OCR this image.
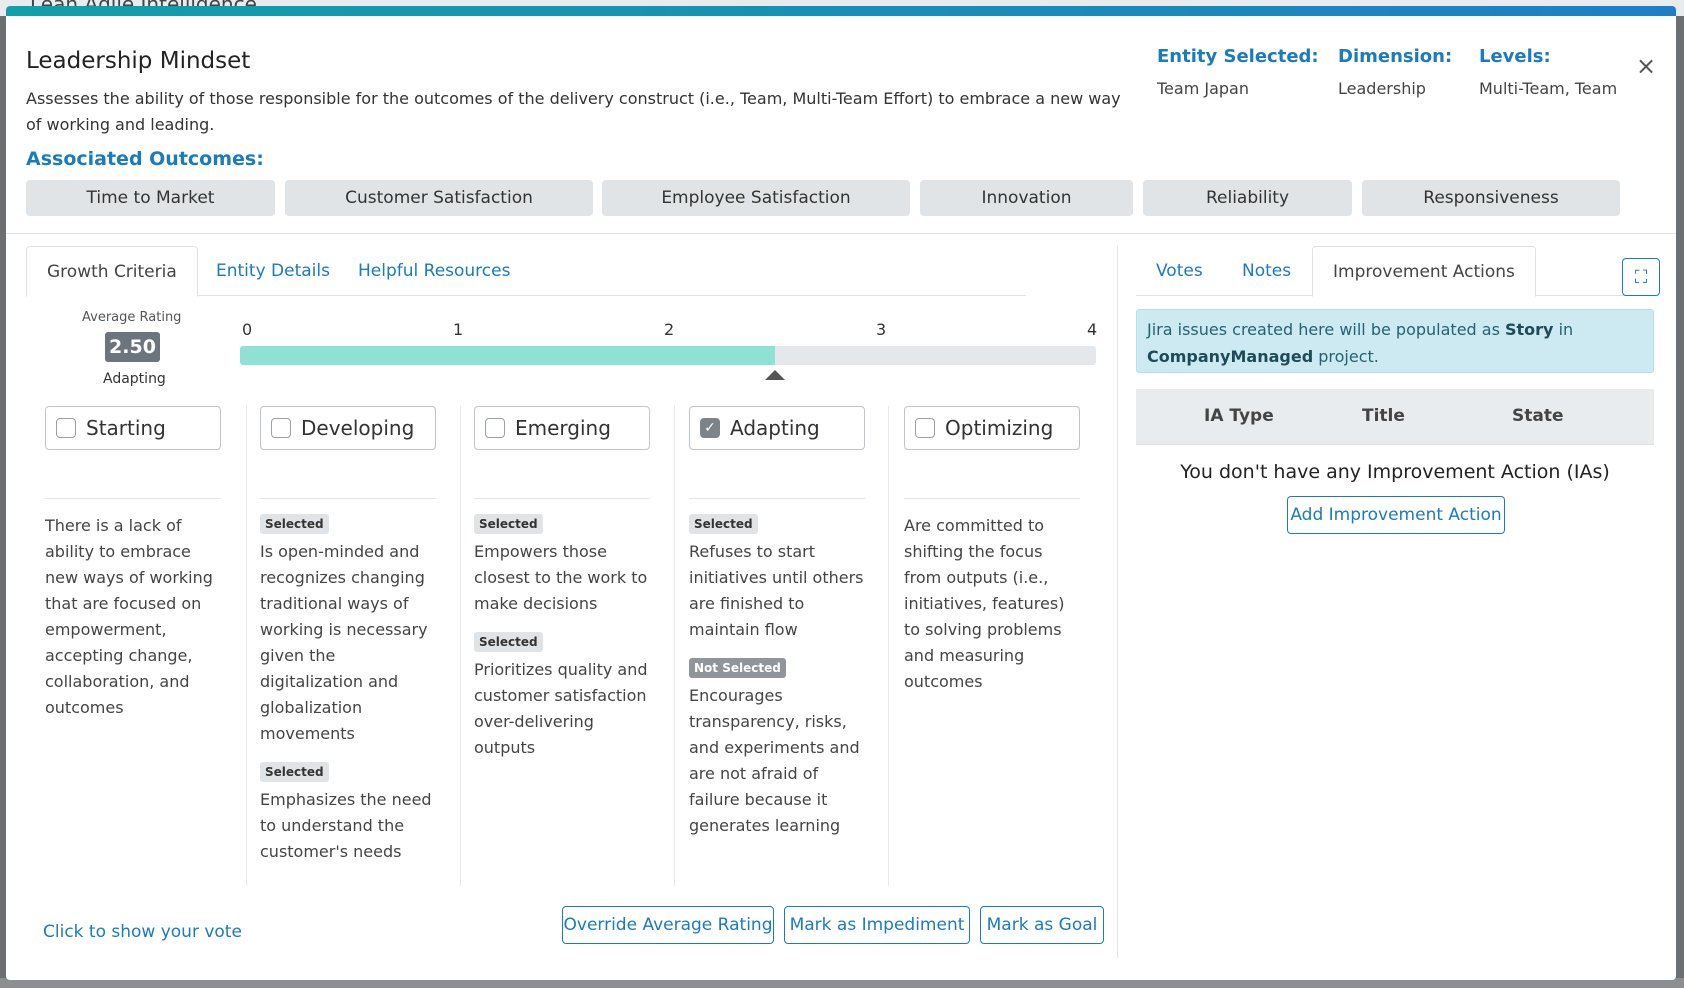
Leadership Mindset
Assesses the ability of those responsible for the outcomes of the delivery construct (i.e., Team, Multi-Team Effort) to embrace a new way of working and leading.
Entity Selected:
Team Japan
Dimension:
Leadership
Levels:
Multi-Team, Team
×
Associated Outcomes:
Time to Market	Customer Satisfaction	Employee Satisfaction	Innovation	Reliability	Responsiveness
Growth Criteria	Entity Details	Helpful Resources
Average Rating
2.50
Adapting
0	1	2	3	4
Starting
There is a lack of ability to embrace new ways of working that are focused on empowerment, accepting change, collaboration, and outcomes
Developing
Selected
Is open-minded and recognizes changing traditional ways of working is necessary given the digitalization and globalization movements
Selected
Emphasizes the need to understand the customer's needs
Emerging
Selected
Empowers those closest to the work to make decisions
Selected
Prioritizes quality and customer satisfaction over-delivering outputs
✓ Adapting
Selected
Refuses to start initiatives until others are finished to maintain flow
Not Selected
Encourages transparency, risks, and experiments and are not afraid of failure because it generates learning
Optimizing
Are committed to shifting the focus from outputs (i.e., initiatives, features) to solving problems and measuring outcomes
Click to show your vote	Override Average Rating	Mark as Impediment	Mark as Goal
Votes	Notes	Improvement Actions	⛶
Jira issues created here will be populated as Story in CompanyManaged project.
IA Type	Title	State
You don't have any Improvement Action (IAs)
Add Improvement Action
